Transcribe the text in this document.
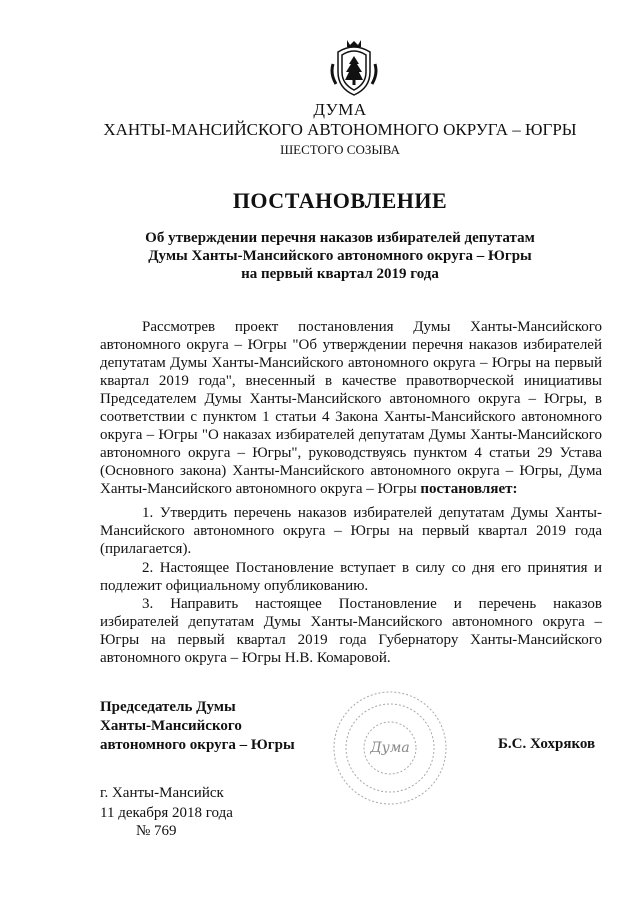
ДУМА
ХАНТЫ-МАНСИЙСКОГО АВТОНОМНОГО ОКРУГА – ЮГРЫ
ШЕСТОГО СОЗЫВА
ПОСТАНОВЛЕНИЕ
Об утверждении перечня наказов избирателей депутатам
Думы Ханты-Мансийского автономного округа – Югры
на первый квартал 2019 года
Рассмотрев проект постановления Думы Ханты-Мансийского автономного округа – Югры "Об утверждении перечня наказов избирателей депутатам Думы Ханты-Мансийского автономного округа – Югры на первый квартал 2019 года", внесенный в качестве правотворческой инициативы Председателем Думы Ханты-Мансийского автономного округа – Югры, в соответствии с пунктом 1 статьи 4 Закона Ханты-Мансийского автономного округа – Югры "О наказах избирателей депутатам Думы Ханты-Мансийского автономного округа – Югры", руководствуясь пунктом 4 статьи 29 Устава (Основного закона) Ханты-Мансийского автономного округа – Югры, Дума Ханты-Мансийского автономного округа – Югры постановляет:
1. Утвердить перечень наказов избирателей депутатам Думы Ханты-Мансийского автономного округа – Югры на первый квартал 2019 года (прилагается).
2. Настоящее Постановление вступает в силу со дня его принятия и подлежит официальному опубликованию.
3. Направить настоящее Постановление и перечень наказов избирателей депутатам Думы Ханты-Мансийского автономного округа – Югры на первый квартал 2019 года Губернатору Ханты-Мансийского автономного округа – Югры Н.В. Комаровой.
Председатель Думы
Ханты-Мансийского
автономного округа – Югры	Дума	Б.С. Хохряков
г. Ханты-Мансийск
11 декабря 2018 года
№ 769
